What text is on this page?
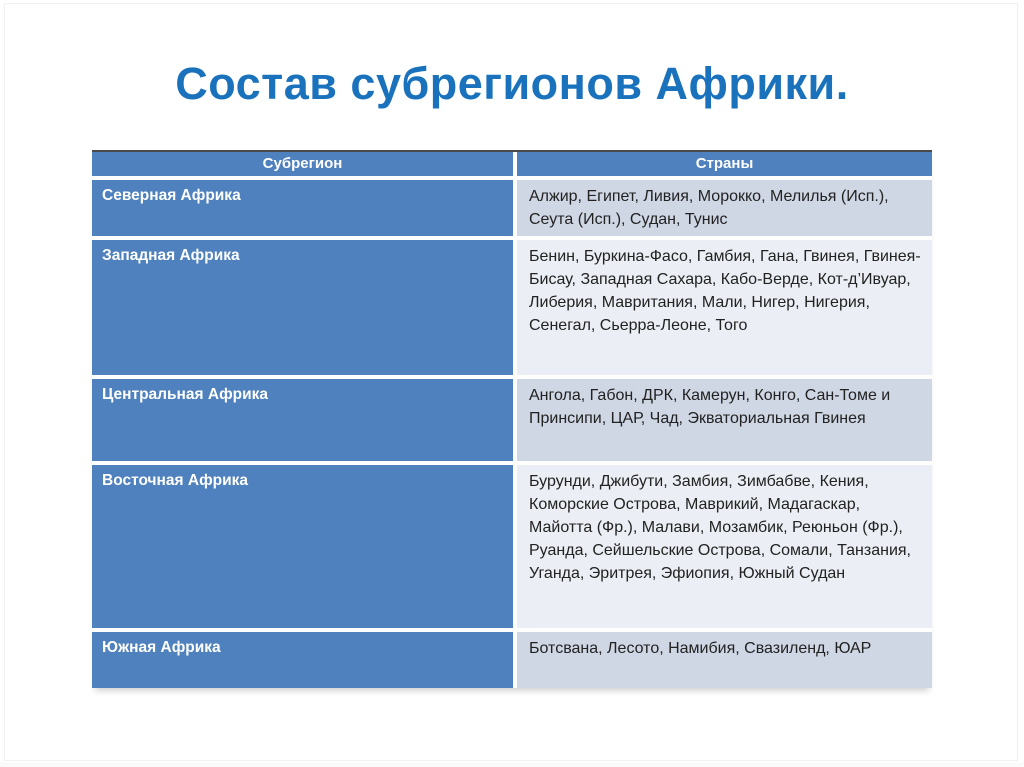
Состав субрегионов Африки.
Субрегион	Страны
Северная Африка	Алжир, Египет, Ливия, Морокко, Мелилья (Исп.), Сеута (Исп.), Судан, Тунис
Западная Африка	Бенин, Буркина-Фасо, Гамбия, Гана, Гвинея, Гвинея-Бисау, Западная Сахара, Кабо-Верде, Кот-д’Ивуар, Либерия, Мавритания, Мали, Нигер, Нигерия, Сенегал, Сьерра-Леоне, Того
Центральная Африка	Ангола, Габон, ДРК, Камерун, Конго, Сан-Томе и Принсипи, ЦАР, Чад, Экваториальная Гвинея
Восточная Африка	Бурунди, Джибути, Замбия, Зимбабве, Кения, Коморские Острова, Маврикий, Мадагаскар, Майотта (Фр.), Малави, Мозамбик, Реюньон (Фр.), Руанда, Сейшельские Острова, Сомали, Танзания, Уганда, Эритрея, Эфиопия, Южный Судан
Южная Африка	Ботсвана, Лесото, Намибия, Свазиленд, ЮАР
